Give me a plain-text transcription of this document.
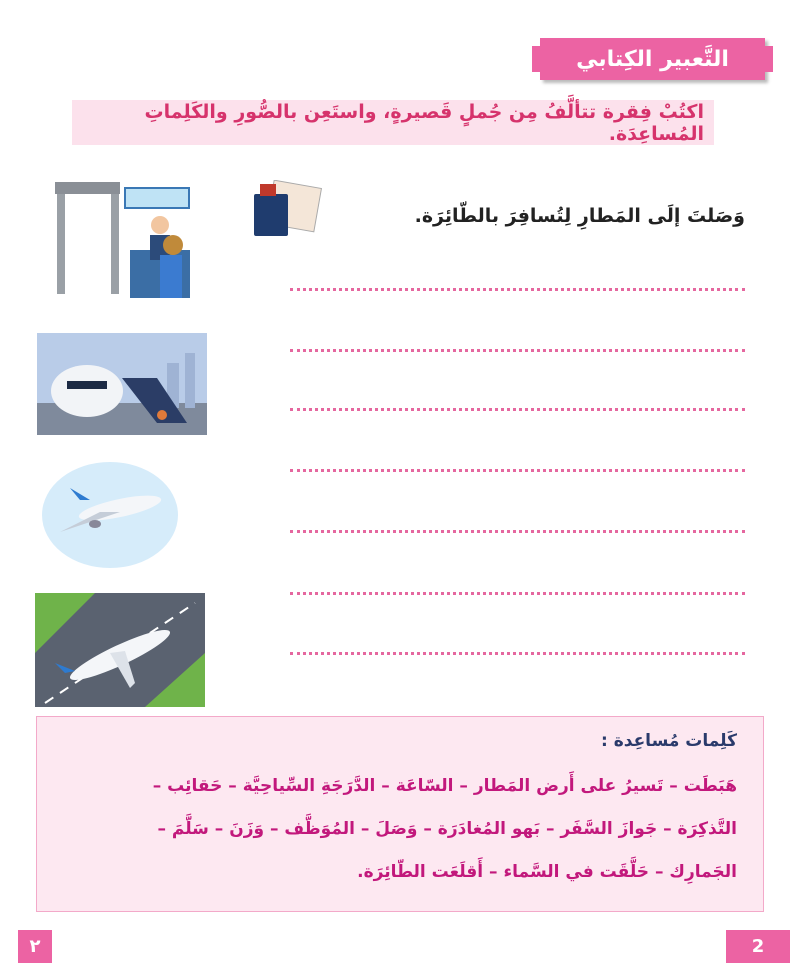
التَّعبير الكِتابي
اكتُبْ فِقرة تتألَّفُ مِن جُملٍ قَصيرةٍ، واستَعِن بالصُّورِ والكَلِماتِ المُساعِدَة.
وَصَلتَ إلَى المَطارِ لِتُسافِرَ بالطّائِرَة.
كَلِمات مُساعِدة :

هَبَطَت – تَسيرُ على أَرض المَطار – السّاعَة – الدَّرَجَةِ السِّياحِيَّة – حَقائِب –

التَّذكِرَة – جَوازَ السَّفَر – بَهو المُغادَرَة – وَصَلَ – المُوَظَّف – وَزَنَ – سَلَّمَ –

الجَمارِك – حَلَّقَت في السَّماء – أَقلَعَت الطّائِرَة.

٢	2
